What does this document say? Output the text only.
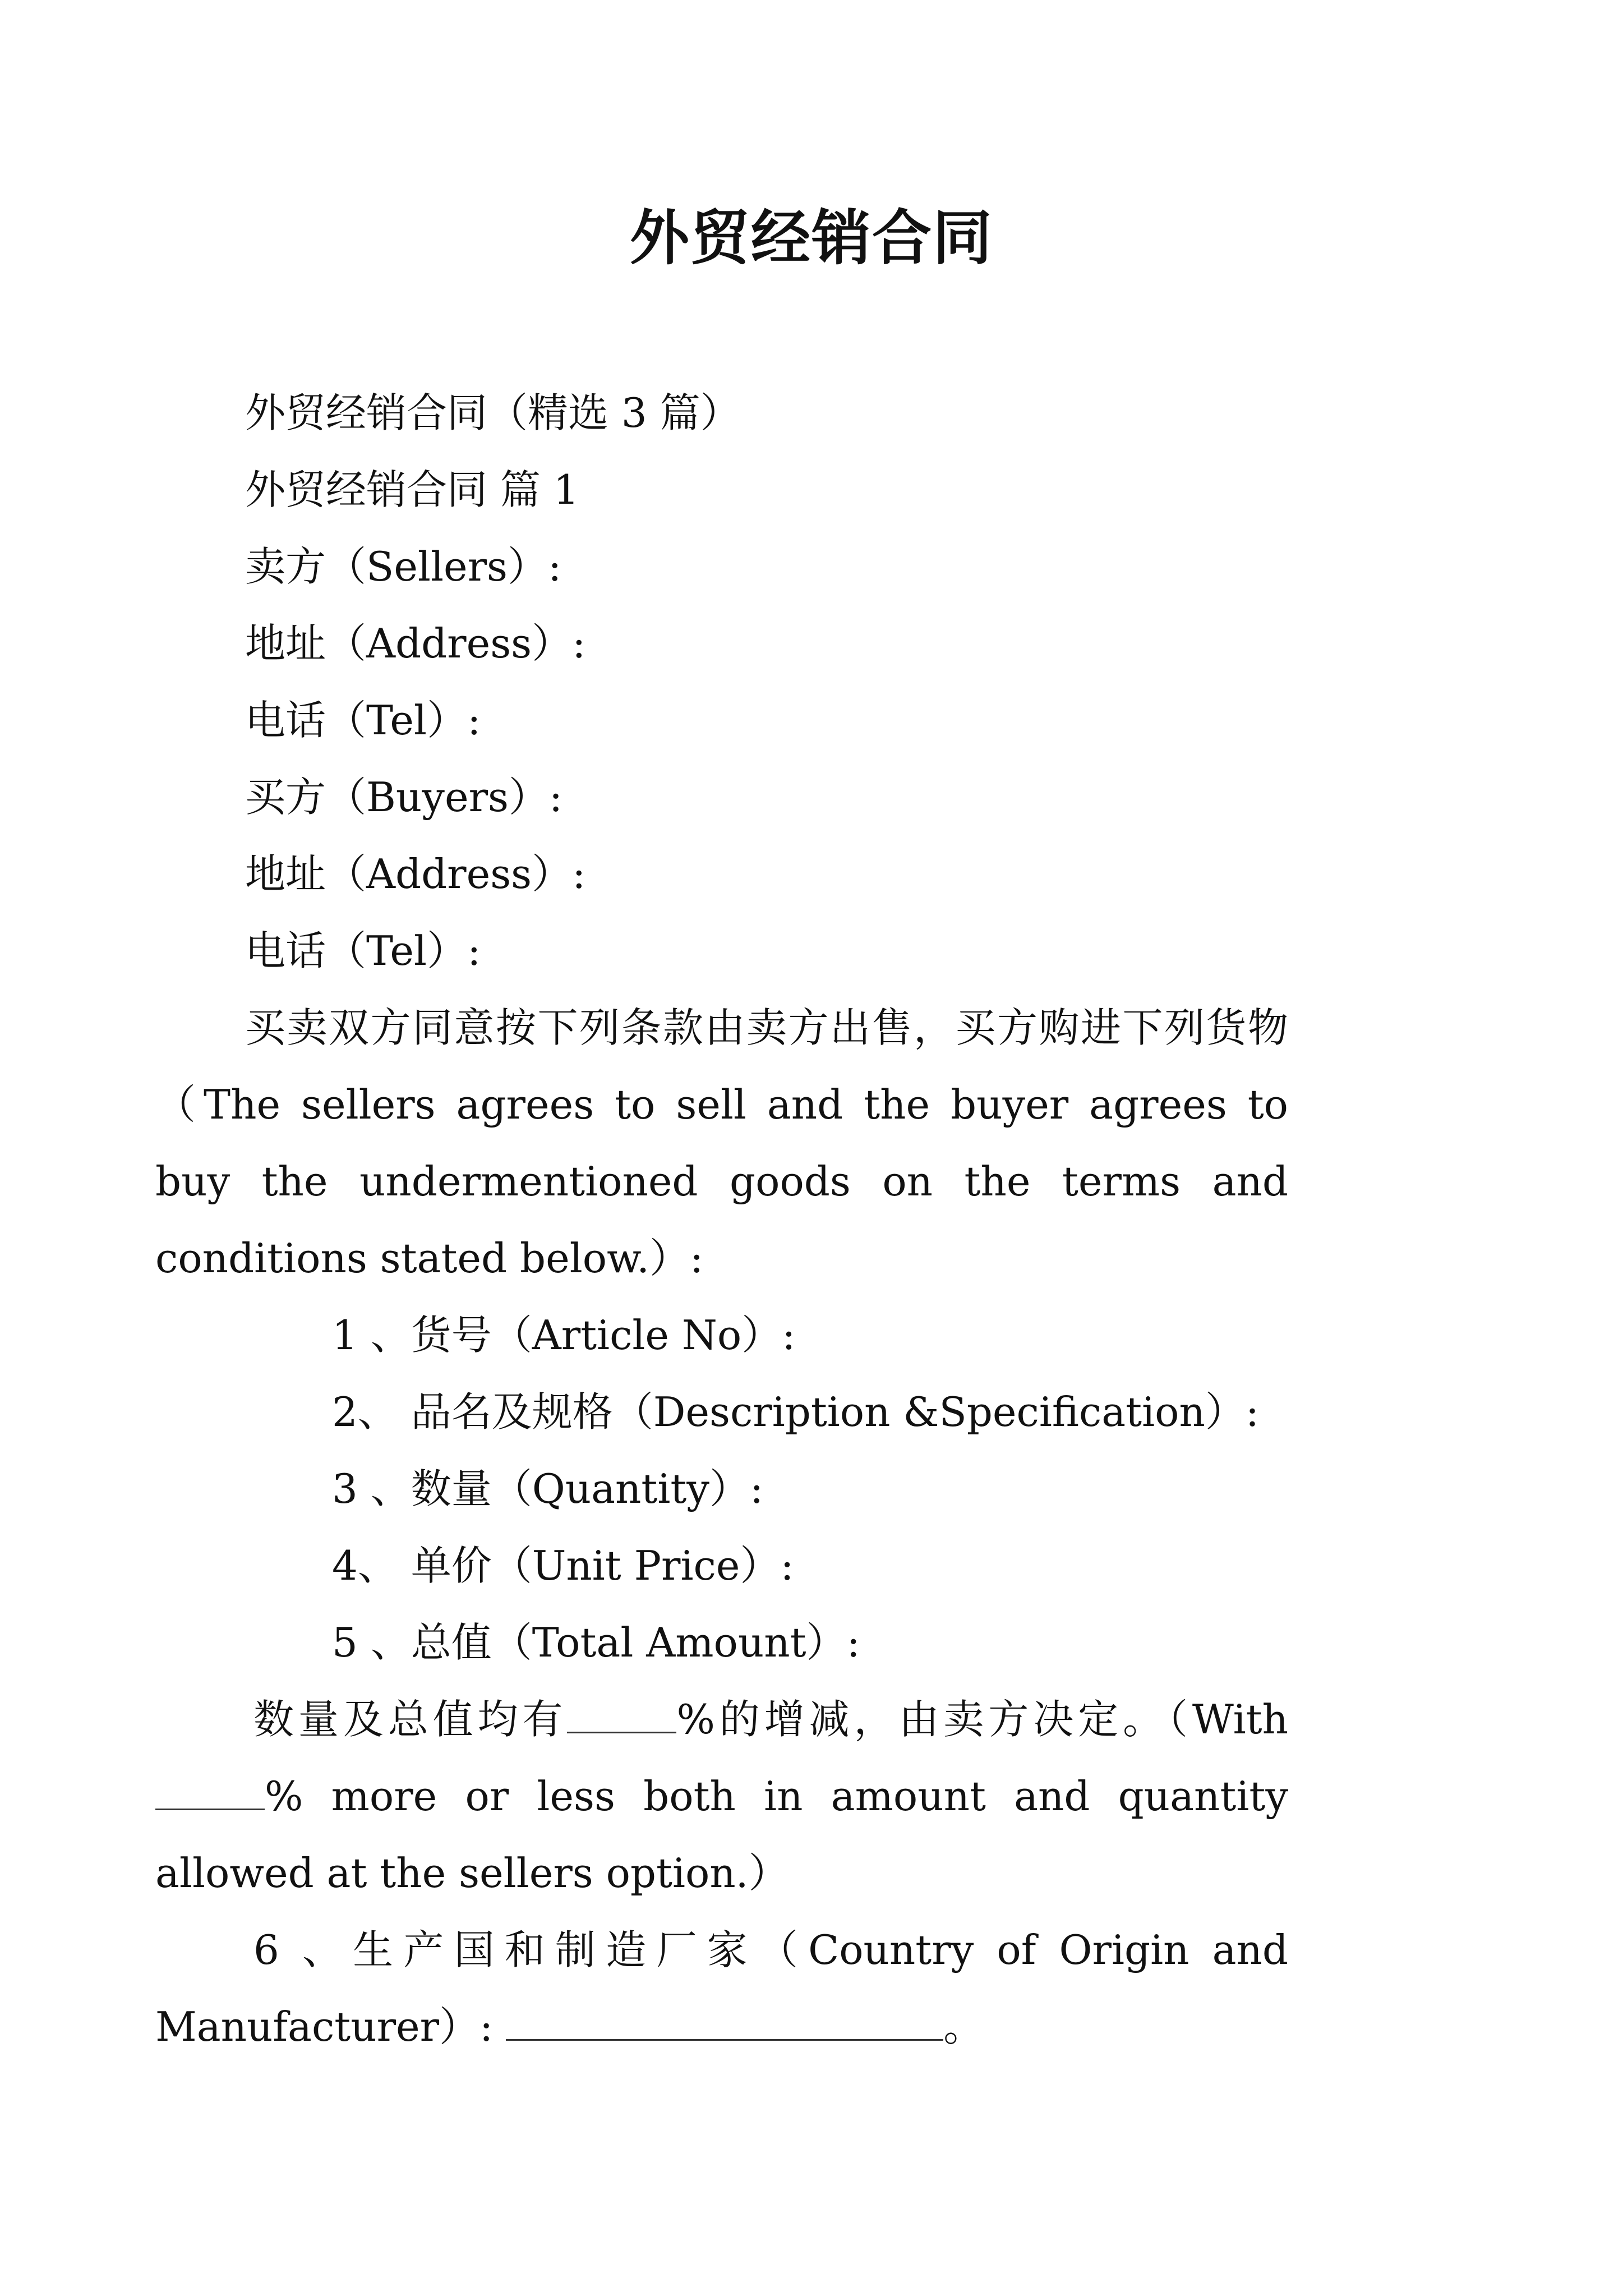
外贸经销合同

外贸经销合同（精选 3 篇）

外贸经销合同 篇 1

卖方（Sellers）:

地址（Address）:

电话（Tel）:

买方（Buyers）:

地址（Address）:

电话（Tel）:

买卖双方同意按下列条款由卖方出售，买方购进下列货物（The sellers agrees to sell and the buyer agrees to buy the undermentioned goods on the terms and conditions stated below.）:

1 、货号（Article No）:

2、 品名及规格（Description &Specification）:

3 、数量（Quantity）:

4、 单价（Unit Price）:

5 、总值（Total Amount）:

数量及总值均有	%的增减，由卖方决定。（With % more or less both in amount and quantity allowed at the sellers option.）

6 、生产国和制造厂家（Country of Origin and Manufacturer）:	。
